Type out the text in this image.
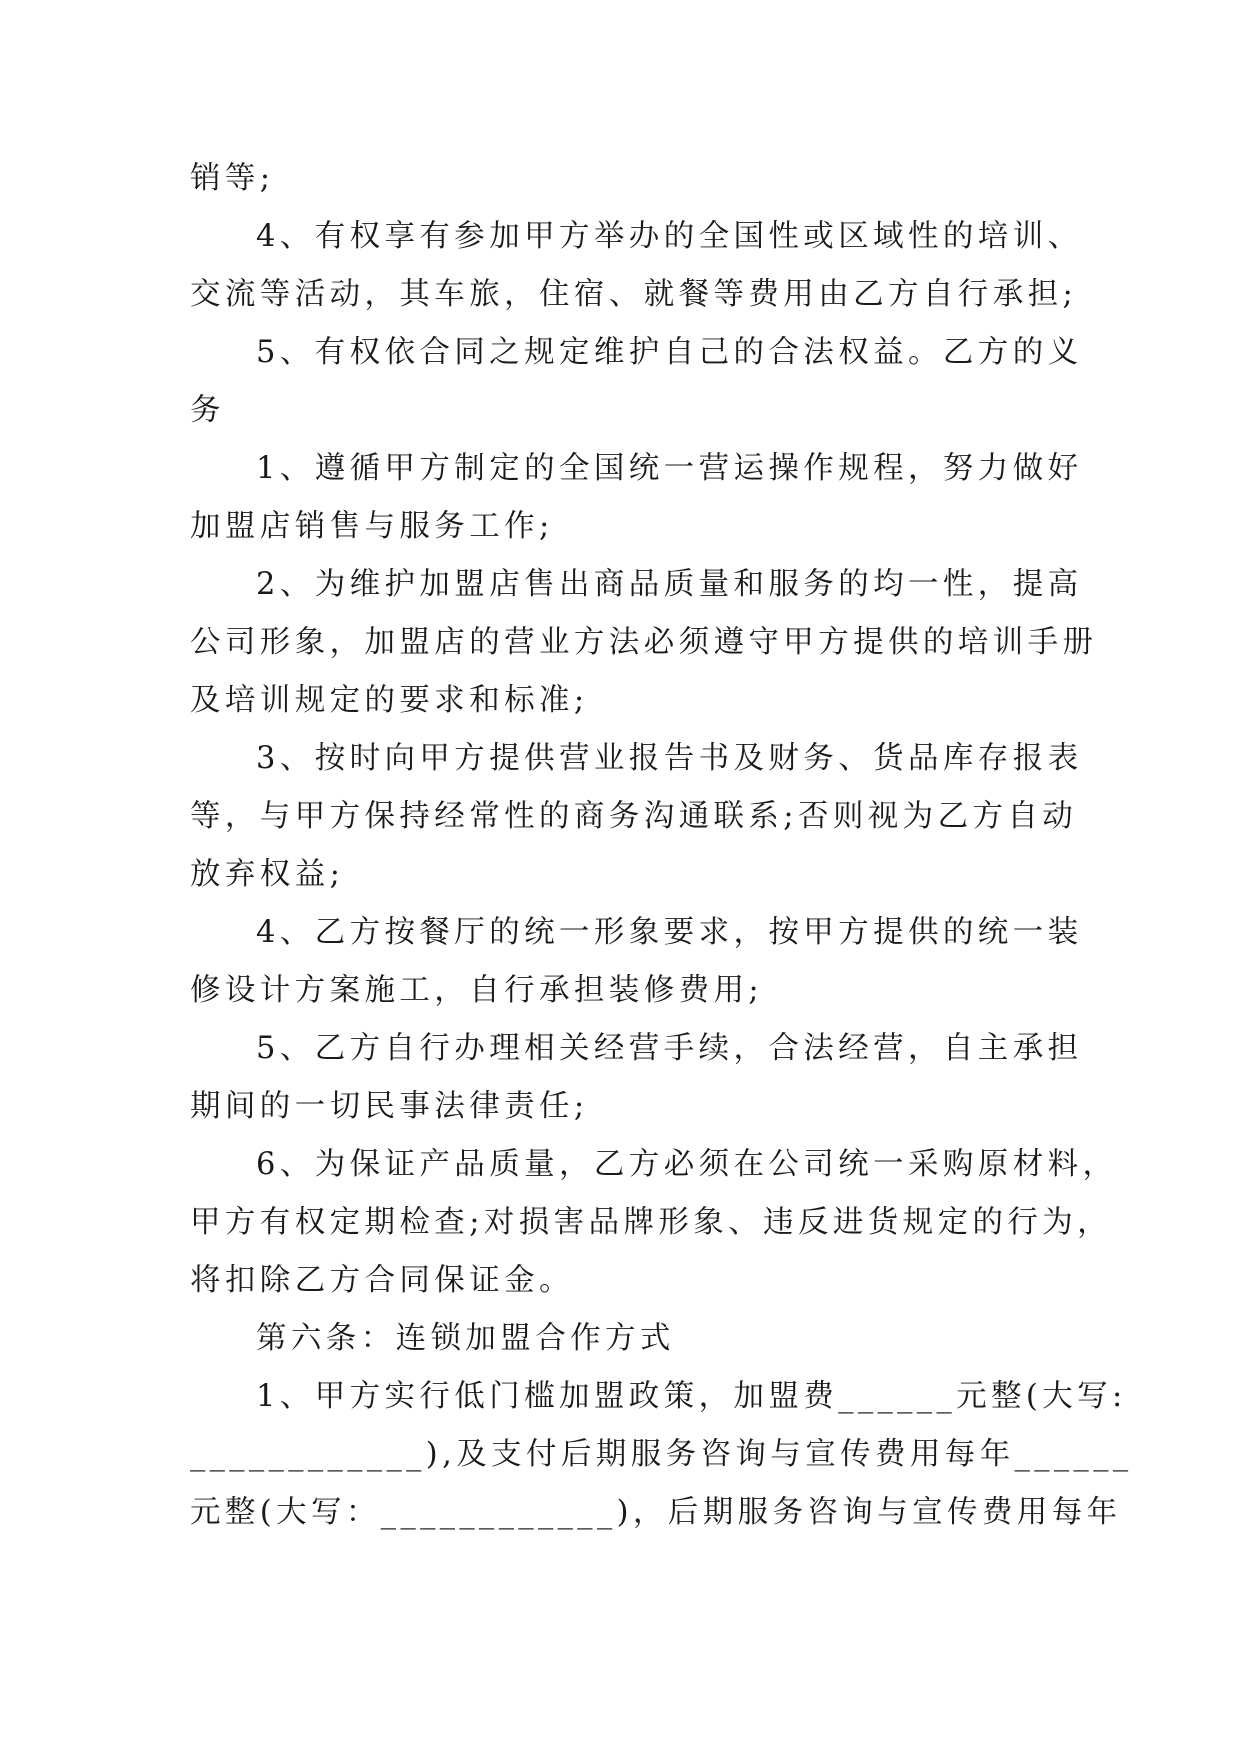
销等;
4、有权享有参加甲方举办的全国性或区域性的培训、
交流等活动，其车旅，住宿、就餐等费用由乙方自行承担;
5、有权依合同之规定维护自己的合法权益。乙方的义
务
1、遵循甲方制定的全国统一营运操作规程，努力做好
加盟店销售与服务工作;
2、为维护加盟店售出商品质量和服务的均一性，提高
公司形象，加盟店的营业方法必须遵守甲方提供的培训手册
及培训规定的要求和标准;
3、按时向甲方提供营业报告书及财务、货品库存报表
等，与甲方保持经常性的商务沟通联系;否则视为乙方自动
放弃权益;
4、乙方按餐厅的统一形象要求，按甲方提供的统一装
修设计方案施工，自行承担装修费用;
5、乙方自行办理相关经营手续，合法经营，自主承担
期间的一切民事法律责任;
6、为保证产品质量，乙方必须在公司统一采购原材料，
甲方有权定期检查;对损害品牌形象、违反进货规定的行为，
将扣除乙方合同保证金。
第六条：连锁加盟合作方式
1、甲方实行低门槛加盟政策，加盟费______元整(大写:
____________),及支付后期服务咨询与宣传费用每年______
元整(大写：____________)，后期服务咨询与宣传费用每年
